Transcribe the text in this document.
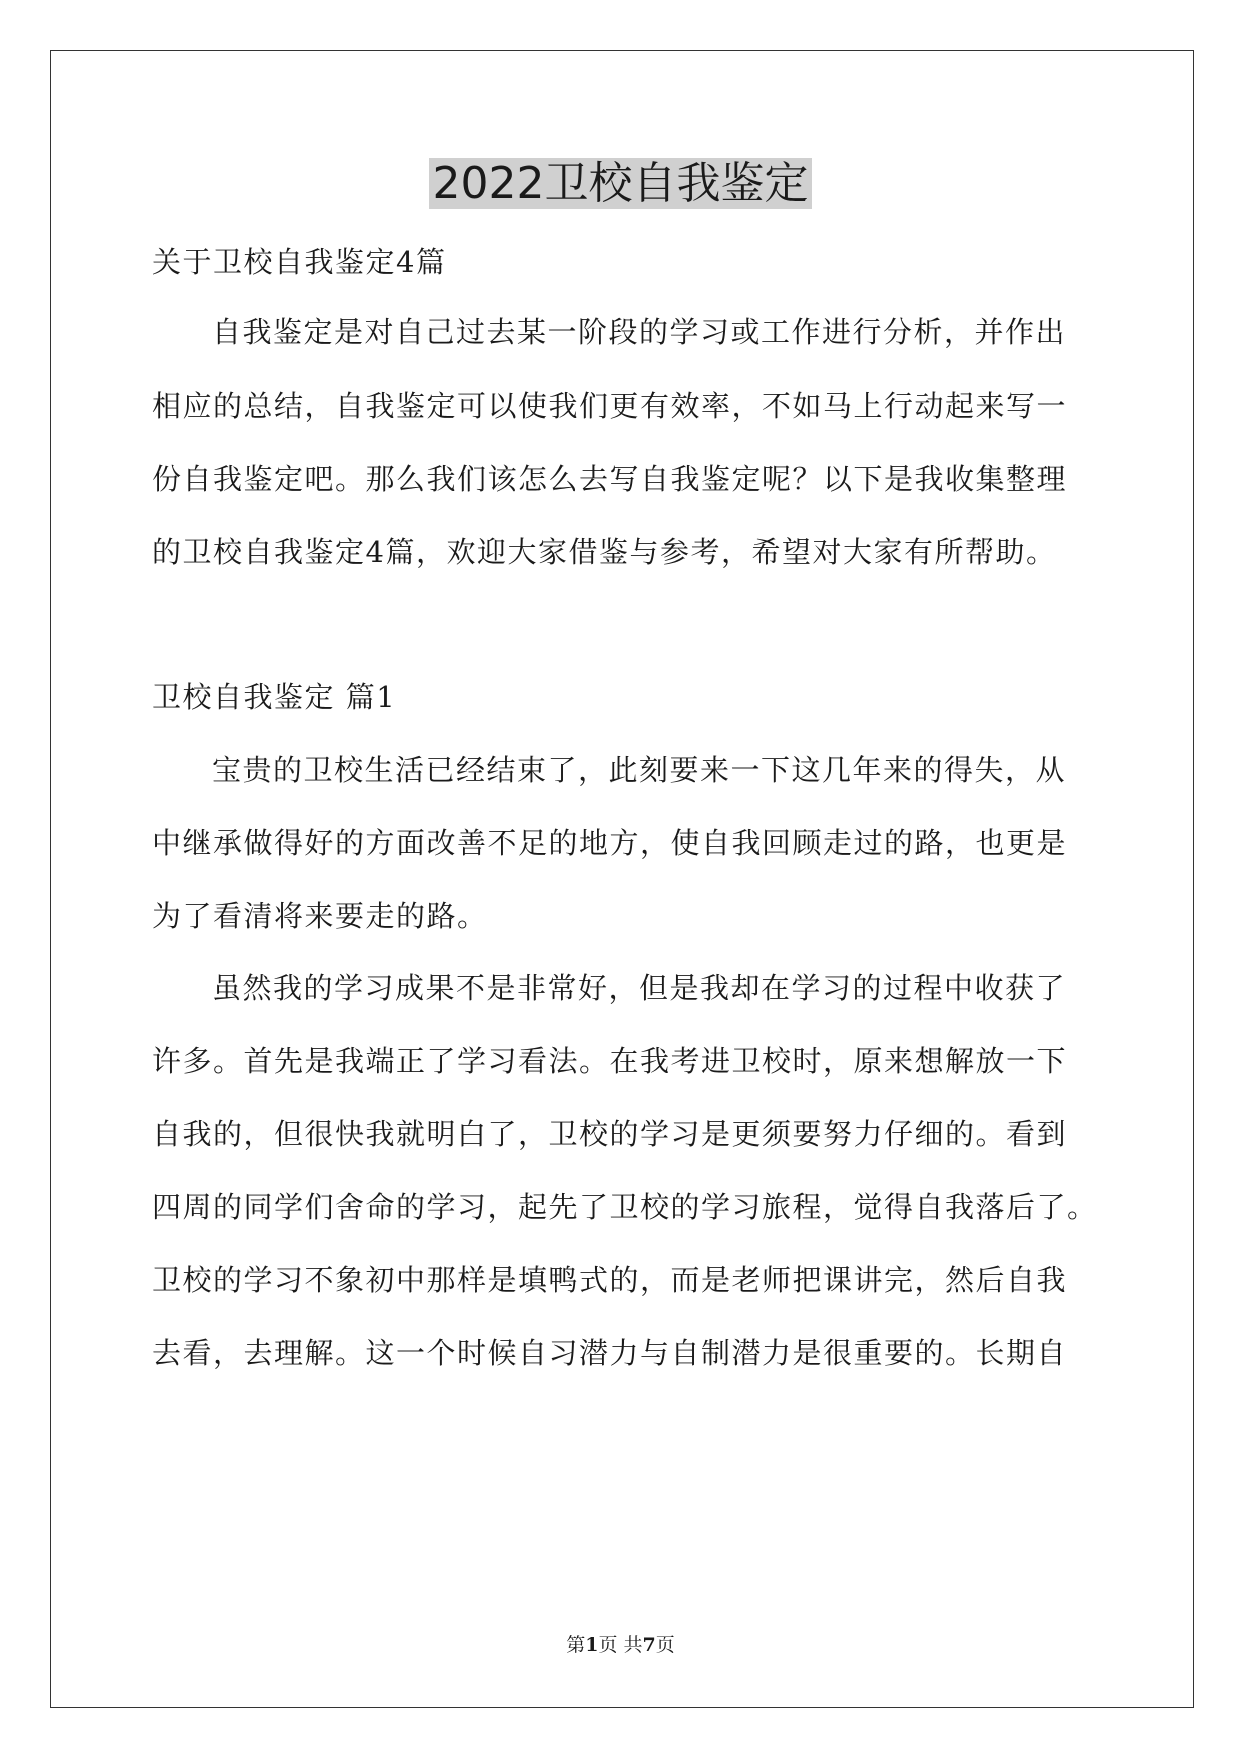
2022卫校自我鉴定
关于卫校自我鉴定4篇
自我鉴定是对自己过去某一阶段的学习或工作进行分析，并作出
相应的总结，自我鉴定可以使我们更有效率，不如马上行动起来写一
份自我鉴定吧。那么我们该怎么去写自我鉴定呢？以下是我收集整理
的卫校自我鉴定4篇，欢迎大家借鉴与参考，希望对大家有所帮助。
卫校自我鉴定 篇1
宝贵的卫校生活已经结束了，此刻要来一下这几年来的得失，从
中继承做得好的方面改善不足的地方，使自我回顾走过的路，也更是
为了看清将来要走的路。
虽然我的学习成果不是非常好，但是我却在学习的过程中收获了
许多。首先是我端正了学习看法。在我考进卫校时，原来想解放一下
自我的，但很快我就明白了，卫校的学习是更须要努力仔细的。看到
四周的同学们舍命的学习，起先了卫校的学习旅程，觉得自我落后了。
卫校的学习不象初中那样是填鸭式的，而是老师把课讲完，然后自我
去看，去理解。这一个时候自习潜力与自制潜力是很重要的。长期自
第1页 共7页
